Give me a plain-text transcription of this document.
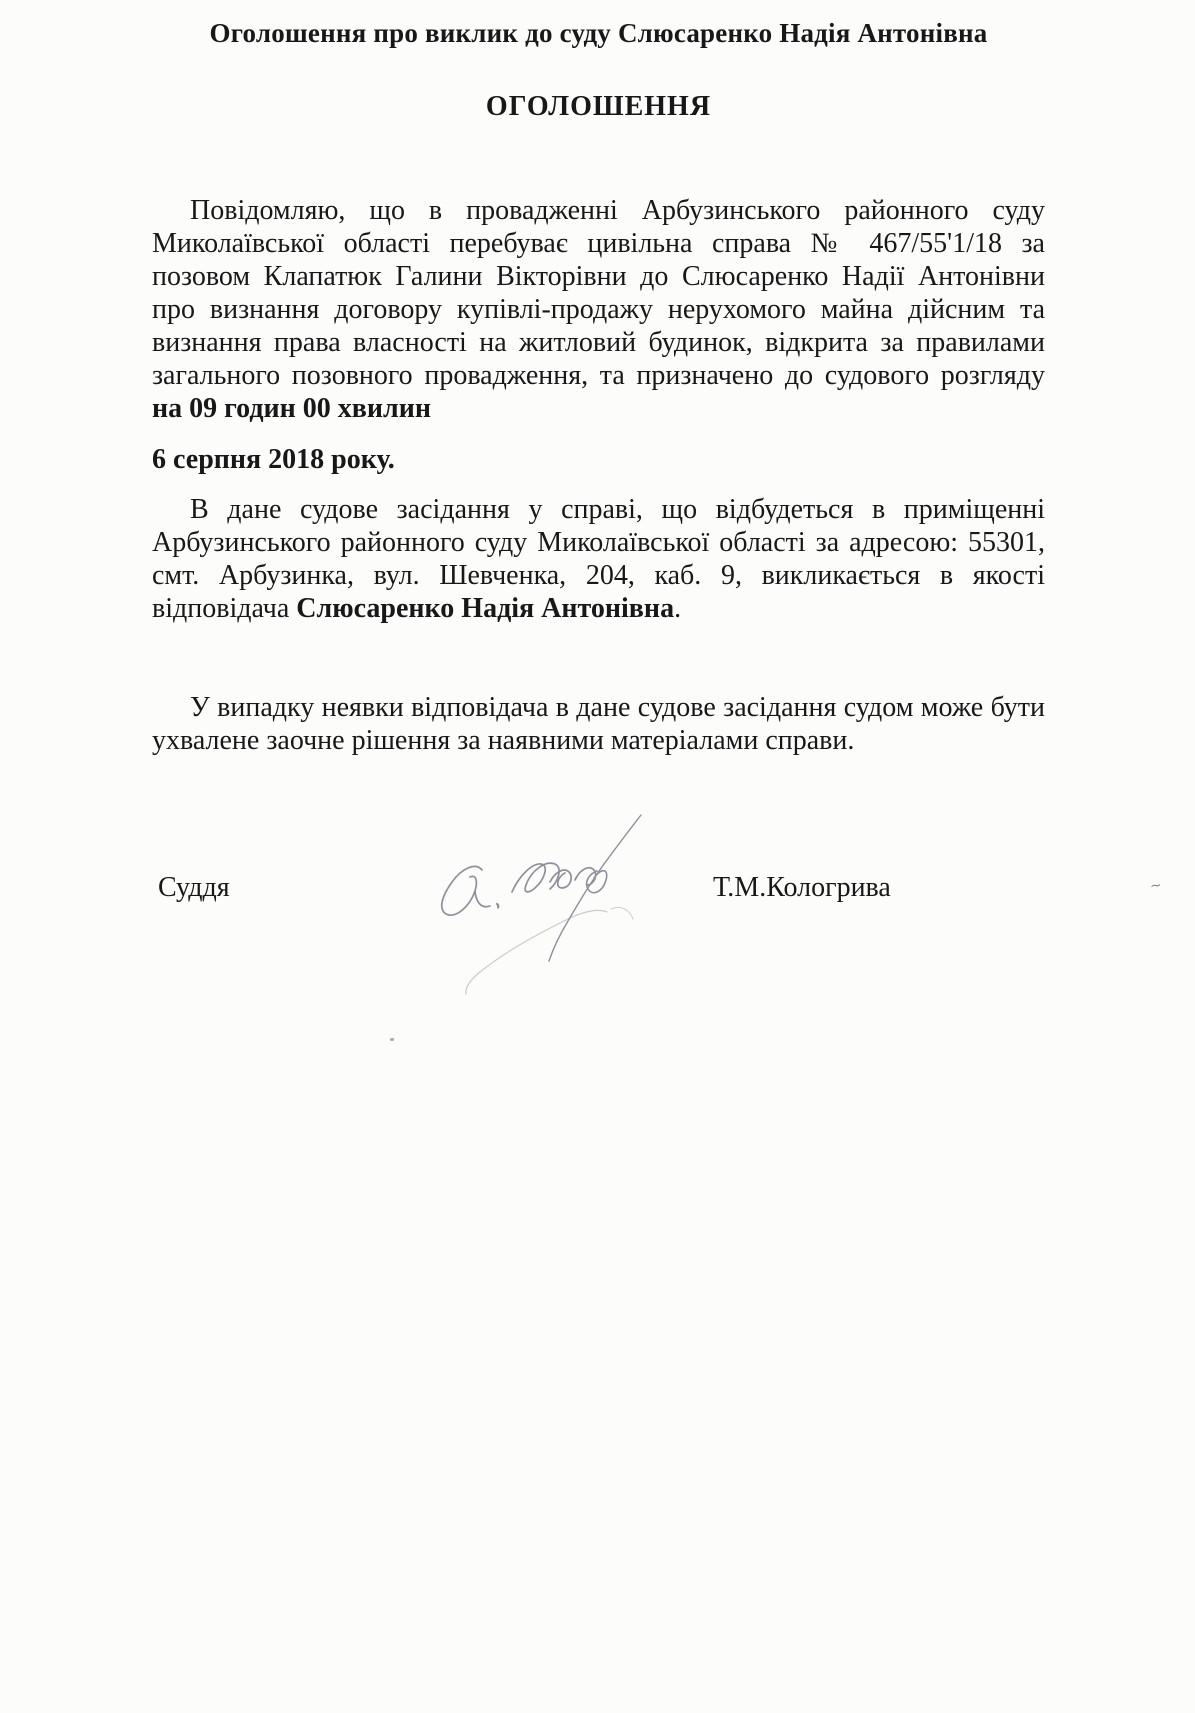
Оголошення про виклик до суду Слюсаренко Надія Антонівна
ОГОЛОШЕННЯ

Повідомляю, що в провадженні Арбузинського районного суду Миколаївської області перебуває цивільна справа № 467/55'1/18 за позовом Клапатюк Галини Вікторівни до Слюсаренко Надії Антонівни про визнання договору купівлі-продажу нерухомого майна дійсним та визнання права власності на житловий будинок, відкрита за правилами загального позовного провадження, та призначено до судового розгляду на 09 годин 00 хвилин

6 серпня 2018 року.

В дане судове засідання у справі, що відбудеться в приміщенні Арбузинського районного суду Миколаївської області за адресою: 55301, смт. Арбузинка, вул. Шевченка, 204, каб. 9, викликається в якості відповідача Слюсаренко Надія Антонівна.

У випадку неявки відповідача в дане судове засідання судом може бути ухвалене заочне рішення за наявними матеріалами справи.

Суддя	Т.М.Кологрива	~
